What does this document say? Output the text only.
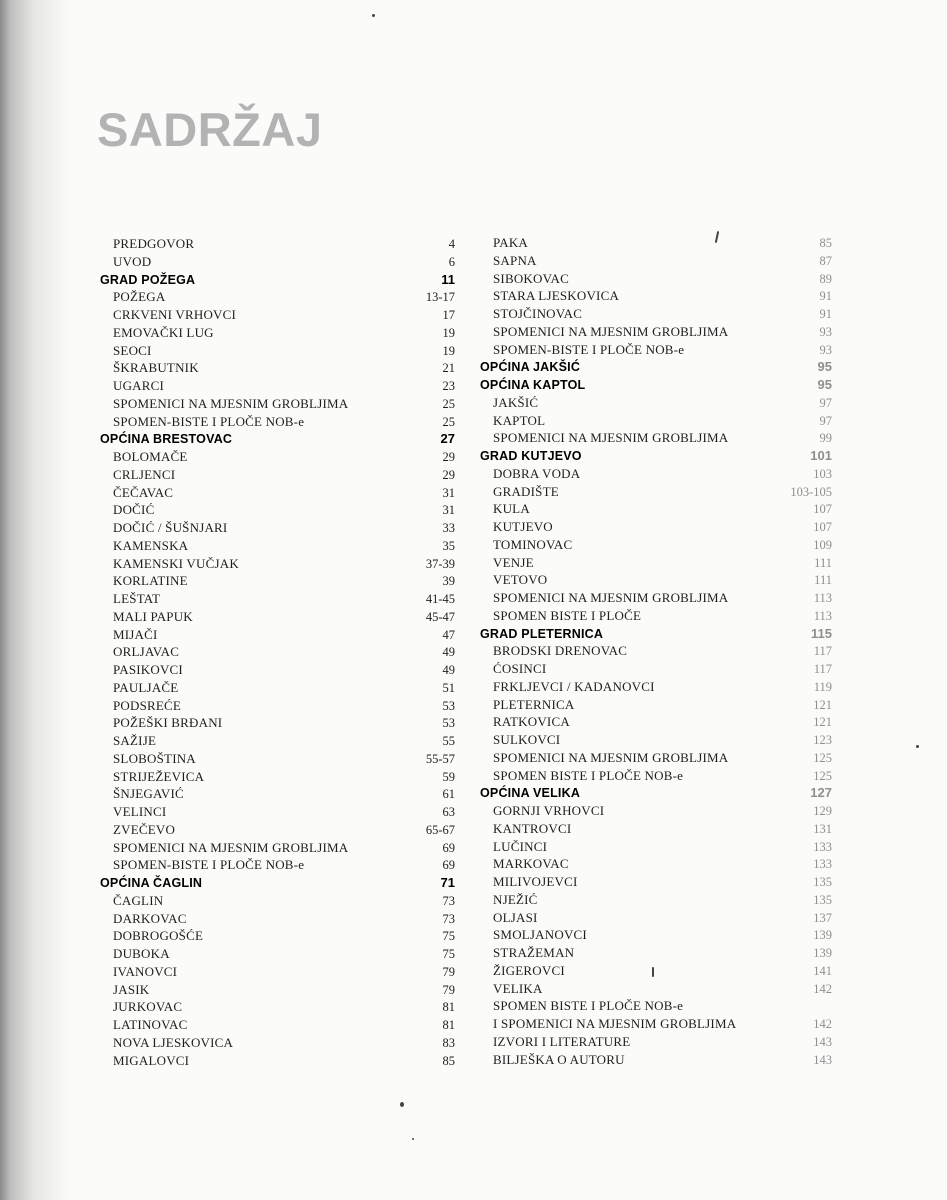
SADRŽAJ
PREDGOVOR	4
UVOD	6
GRAD POŽEGA	11
POŽEGA	13-17
CRKVENI VRHOVCI	17
EMOVAČKI LUG	19
SEOCI	19
ŠKRABUTNIK	21
UGARCI	23
SPOMENICI NA MJESNIM GROBLJIMA	25
SPOMEN-BISTE I PLOČE NOB-e	25
OPĆINA BRESTOVAC	27
BOLOMAČE	29
CRLJENCI	29
ČEČAVAC	31
DOČIĆ	31
DOČIĆ / ŠUŠNJARI	33
KAMENSKA	35
KAMENSKI VUČJAK	37-39
KORLATINE	39
LEŠTAT	41-45
MALI PAPUK	45-47
MIJAČI	47
ORLJAVAC	49
PASIKOVCI	49
PAULJAČE	51
PODSREĆE	53
POŽEŠKI BRĐANI	53
SAŽIJE	55
SLOBOŠTINA	55-57
STRIJEŽEVICA	59
ŠNJEGAVIĆ	61
VELINCI	63
ZVEČEVO	65-67
SPOMENICI NA MJESNIM GROBLJIMA	69
SPOMEN-BISTE I PLOČE NOB-e	69
OPĆINA ČAGLIN	71
ČAGLIN	73
DARKOVAC	73
DOBROGOŠĆE	75
DUBOKA	75
IVANOVCI	79
JASIK	79
JURKOVAC	81
LATINOVAC	81
NOVA LJESKOVICA	83
MIGALOVCI	85
PAKA	85
SAPNA	87
SIBOKOVAC	89
STARA LJESKOVICA	91
STOJČINOVAC	91
SPOMENICI NA MJESNIM GROBLJIMA	93
SPOMEN-BISTE I PLOČE NOB-e	93
OPĆINA JAKŠIĆ	95
OPĆINA KAPTOL	95
JAKŠIĆ	97
KAPTOL	97
SPOMENICI NA MJESNIM GROBLJIMA	99
GRAD KUTJEVO	101
DOBRA VODA	103
GRADIŠTE	103-105
KULA	107
KUTJEVO	107
TOMINOVAC	109
VENJE	111
VETOVO	111
SPOMENICI NA MJESNIM GROBLJIMA	113
SPOMEN BISTE I PLOČE	113
GRAD PLETERNICA	115
BRODSKI DRENOVAC	117
ĆOSINCI	117
FRKLJEVCI / KADANOVCI	119
PLETERNICA	121
RATKOVICA	121
SULKOVCI	123
SPOMENICI NA MJESNIM GROBLJIMA	125
SPOMEN BISTE I PLOČE NOB-e	125
OPĆINA VELIKA	127
GORNJI VRHOVCI	129
KANTROVCI	131
LUČINCI	133
MARKOVAC	133
MILIVOJEVCI	135
NJEŽIĆ	135
OLJASI	137
SMOLJANOVCI	139
STRAŽEMAN	139
ŽIGEROVCI	141
VELIKA	142
SPOMEN BISTE I PLOČE NOB-e
I SPOMENICI NA MJESNIM GROBLJIMA	142
IZVORI I LITERATURE	143
BILJEŠKA O AUTORU	143
